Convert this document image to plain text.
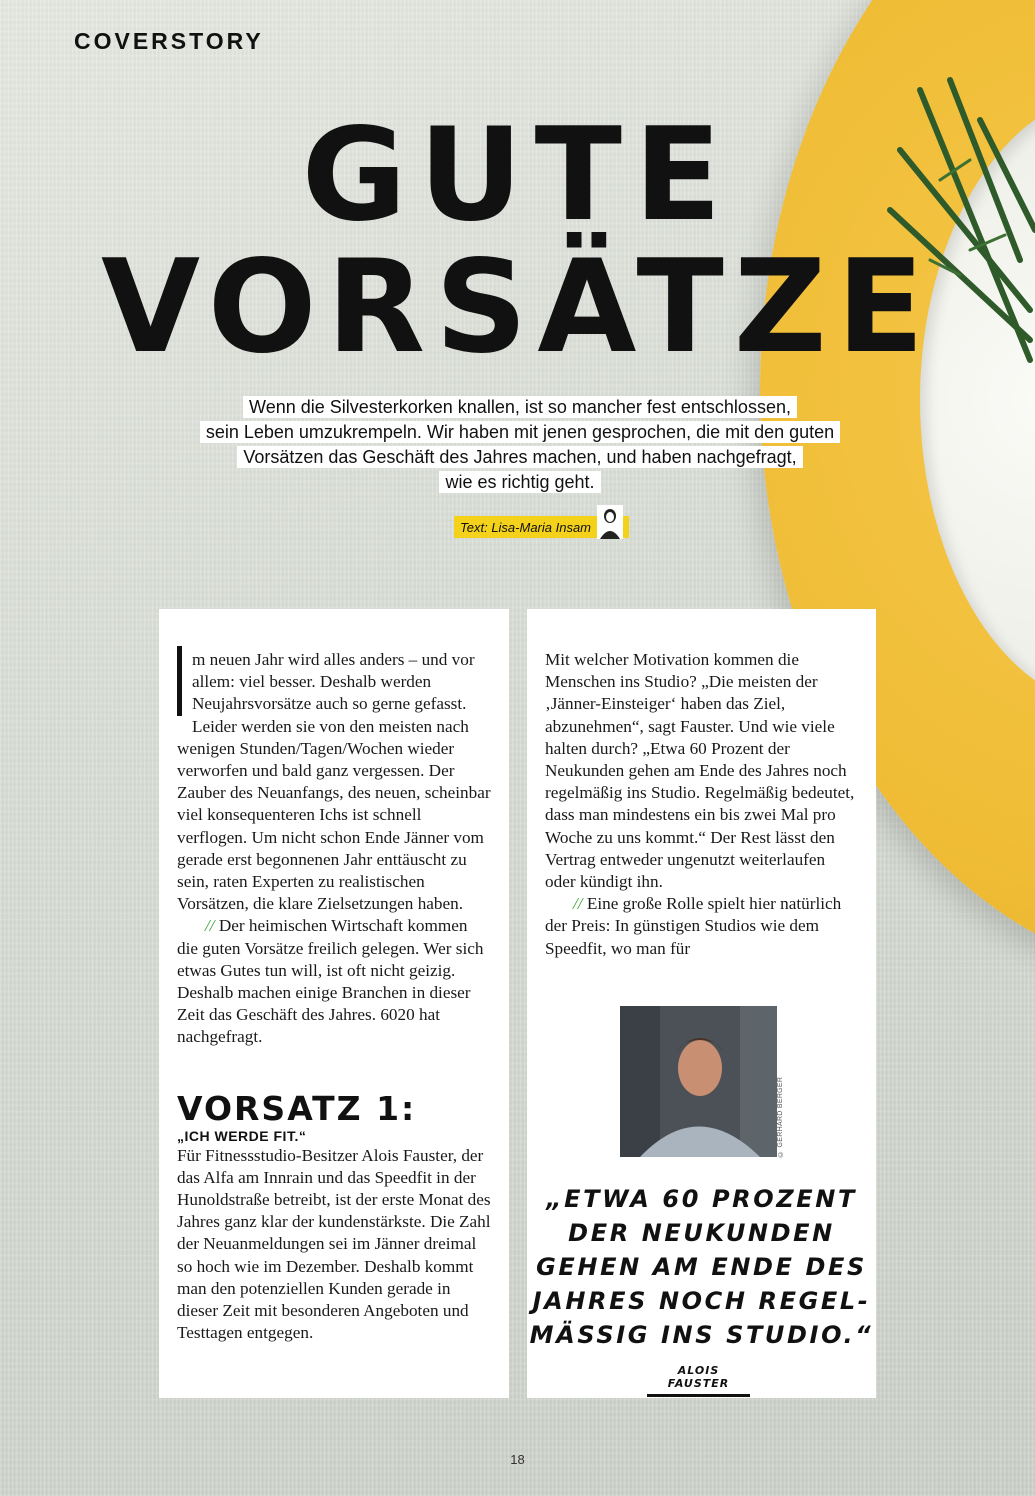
COVERSTORY
GUTE
VORSÄTZE
Wenn die Silvesterkorken knallen, ist so mancher fest entschlossen,
sein Leben umzukrempeln. Wir haben mit jenen gesprochen, die mit den guten
Vorsätzen das Geschäft des Jahres machen, und haben nachgefragt,
wie es richtig geht.
Text: Lisa-Maria Insam

m neuen Jahr wird alles anders – und vor allem: viel besser. Deshalb werden Neujahrsvorsätze auch so gerne gefasst. Leider werden sie von den meisten nach wenigen Stunden/Tagen/Wochen wieder verworfen und bald ganz vergessen. Der Zauber des Neuanfangs, des neuen, scheinbar viel konsequenteren Ichs ist schnell verflogen. Um nicht schon Ende Jänner vom gerade erst begonnenen Jahr enttäuscht zu sein, raten Experten zu realistischen Vorsätzen, die klare Zielsetzungen haben.

// Der heimischen Wirtschaft kommen die guten Vorsätze freilich gelegen. Wer sich etwas Gutes tun will, ist oft nicht geizig. Deshalb machen einige Branchen in dieser Zeit das Geschäft des Jahres. 6020 hat nachgefragt.

VORSATZ 1:

„ICH WERDE FIT.“

Für Fitnessstudio-Besitzer Alois Fauster, der das Alfa am Innrain und das Speedfit in der Hunoldstraße betreibt, ist der erste Monat des Jahres ganz klar der kundenstärkste. Die Zahl der Neuanmeldungen sei im Jänner dreimal so hoch wie im Dezember. Deshalb kommt man den potenziellen Kunden gerade in dieser Zeit mit besonderen Angeboten und Testtagen entgegen.

Mit welcher Motivation kommen die Menschen ins Studio? „Die meisten der ‚Jänner-Einsteiger‘ haben das Ziel, abzunehmen“, sagt Fauster. Und wie viele halten durch? „Etwa 60 Prozent der Neukunden gehen am Ende des Jahres noch regelmäßig ins Studio. Regelmäßig bedeutet, dass man mindestens ein bis zwei Mal pro Woche zu uns kommt.“ Der Rest lässt den Vertrag entweder ungenutzt weiterlaufen oder kündigt ihn.

// Eine große Rolle spielt hier natürlich der Preis: In günstigen Studios wie dem Speedfit, wo man für

© GERHARD BERGER
„ETWA 60 PROZENT DER NEUKUNDEN GEHEN AM ENDE DES JAHRES NOCH REGEL-MÄSSIG INS STUDIO.“
ALOIS FAUSTER
18
